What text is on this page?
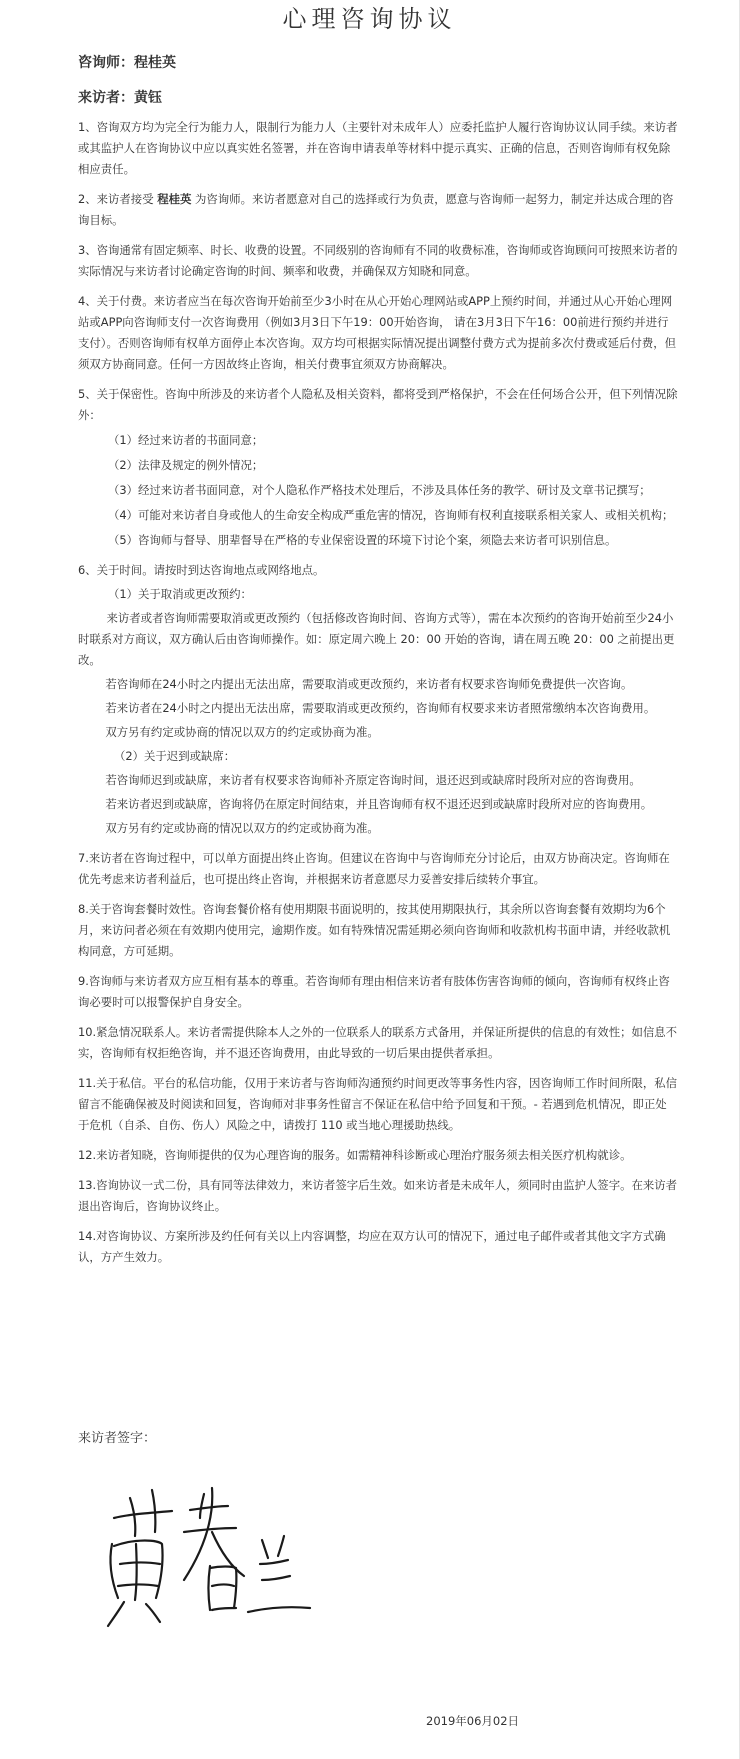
心理咨询协议
咨询师：程桂英
来访者：黄钰

1、咨询双方均为完全行为能力人，限制行为能力人（主要针对未成年人）应委托监护人履行咨询协议认同手续。来访者或其监护人在咨询协议中应以真实姓名签署，并在咨询申请表单等材料中提示真实、正确的信息，否则咨询师有权免除相应责任。

2、来访者接受 程桂英 为咨询师。来访者愿意对自己的选择或行为负责，愿意与咨询师一起努力，制定并达成合理的咨询目标。

3、咨询通常有固定频率、时长、收费的设置。不同级别的咨询师有不同的收费标准，咨询师或咨询顾问可按照来访者的实际情况与来访者讨论确定咨询的时间、频率和收费，并确保双方知晓和同意。

4、关于付费。来访者应当在每次咨询开始前至少3小时在从心开始心理网站或APP上预约时间，并通过从心开始心理网站或APP向咨询师支付一次咨询费用（例如3月3日下午19：00开始咨询， 请在3月3日下午16：00前进行预约并进行支付）。否则咨询师有权单方面停止本次咨询。双方均可根据实际情况提出调整付费方式为提前多次付费或延后付费，但须双方协商同意。任何一方因故终止咨询，相关付费事宜须双方协商解决。

5、关于保密性。咨询中所涉及的来访者个人隐私及相关资料，都将受到严格保护，不会在任何场合公开，但下列情况除外：

（1）经过来访者的书面同意；

（2）法律及规定的例外情况；

（3）经过来访者书面同意，对个人隐私作严格技术处理后，不涉及具体任务的教学、研讨及文章书记撰写；

（4）可能对来访者自身或他人的生命安全构成严重危害的情况，咨询师有权利直接联系相关家人、或相关机构；

（5）咨询师与督导、朋辈督导在严格的专业保密设置的环境下讨论个案，须隐去来访者可识别信息。

6、关于时间。请按时到达咨询地点或网络地点。

（1）关于取消或更改预约：

来访者或者咨询师需要取消或更改预约（包括修改咨询时间、咨询方式等），需在本次预约的咨询开始前至少24小时联系对方商议，双方确认后由咨询师操作。如：原定周六晚上 20：00 开始的咨询，请在周五晚 20：00 之前提出更改。

若咨询师在24小时之内提出无法出席，需要取消或更改预约，来访者有权要求咨询师免费提供一次咨询。

若来访者在24小时之内提出无法出席，需要取消或更改预约，咨询师有权要求来访者照常缴纳本次咨询费用。

双方另有约定或协商的情况以双方的约定或协商为准。

（2）关于迟到或缺席：

若咨询师迟到或缺席，来访者有权要求咨询师补齐原定咨询时间，退还迟到或缺席时段所对应的咨询费用。

若来访者迟到或缺席，咨询将仍在原定时间结束，并且咨询师有权不退还迟到或缺席时段所对应的咨询费用。

双方另有约定或协商的情况以双方的约定或协商为准。

7.来访者在咨询过程中，可以单方面提出终止咨询。但建议在咨询中与咨询师充分讨论后，由双方协商决定。咨询师在优先考虑来访者利益后，也可提出终止咨询，并根据来访者意愿尽力妥善安排后续转介事宜。

8.关于咨询套餐时效性。咨询套餐价格有使用期限书面说明的，按其使用期限执行，其余所以咨询套餐有效期均为6个月，来访问者必须在有效期内使用完，逾期作废。如有特殊情况需延期必须向咨询师和收款机构书面申请，并经收款机构同意，方可延期。

9.咨询师与来访者双方应互相有基本的尊重。若咨询师有理由相信来访者有肢体伤害咨询师的倾向，咨询师有权终止咨询必要时可以报警保护自身安全。

10.紧急情况联系人。来访者需提供除本人之外的一位联系人的联系方式备用，并保证所提供的信息的有效性；如信息不实，咨询师有权拒绝咨询，并不退还咨询费用，由此导致的一切后果由提供者承担。

11.关于私信。平台的私信功能，仅用于来访者与咨询师沟通预约时间更改等事务性内容，因咨询师工作时间所限，私信留言不能确保被及时阅读和回复，咨询师对非事务性留言不保证在私信中给予回复和干预。- 若遇到危机情况，即正处于危机（自杀、自伤、伤人）风险之中，请拨打 110 或当地心理援助热线。

12.来访者知晓，咨询师提供的仅为心理咨询的服务。如需精神科诊断或心理治疗服务须去相关医疗机构就诊。

13.咨询协议一式二份，具有同等法律效力，来访者签字后生效。如来访者是未成年人，须同时由监护人签字。在来访者退出咨询后，咨询协议终止。

14.对咨询协议、方案所涉及约任何有关以上内容调整，均应在双方认可的情况下，通过电子邮件或者其他文字方式确认，方产生效力。

来访者签字：
2019年06月02日
